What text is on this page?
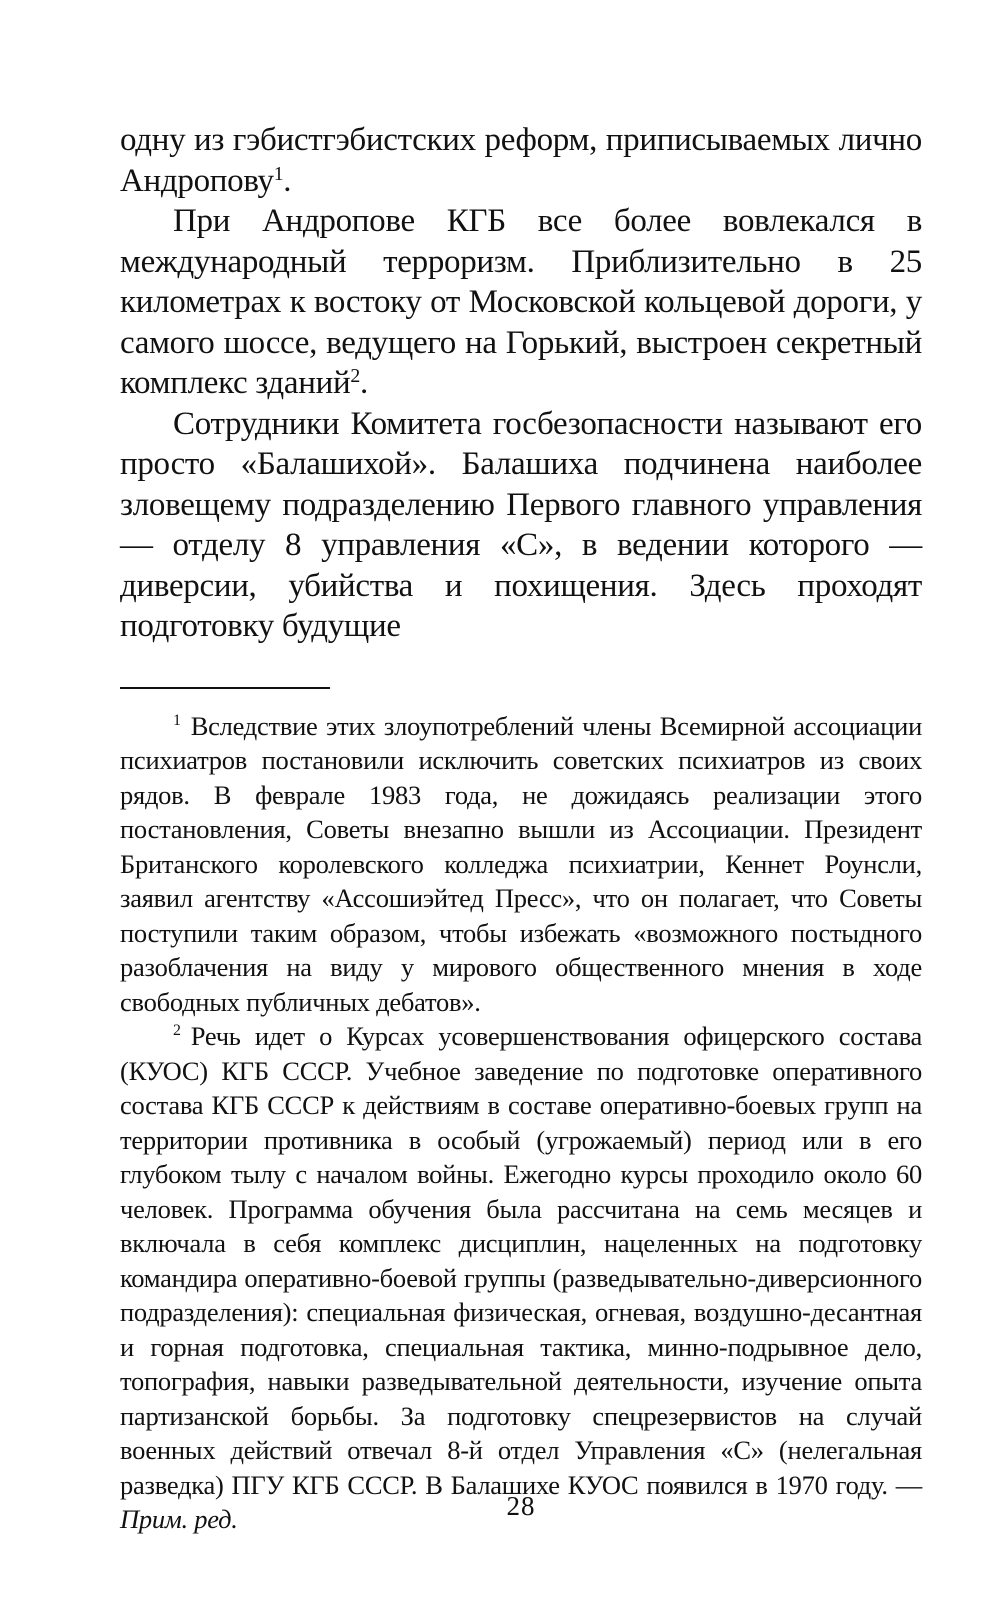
одну из гэбистгэбистских реформ, приписываемых лично Андропову$^1$.

При Андропове КГБ все более вовлекался в международный терроризм. Приблизительно в 25 километрах к востоку от Московской кольцевой дороги, у самого шоссе, ведущего на Горький, выстроен секретный комплекс зданий$^2$.

Сотрудники Комитета госбезопасности называют его просто «Балашихой». Балашиха подчинена наиболее зловещему подразделению Первого главного управления — отделу 8 управления «С», в ведении которого — диверсии, убийства и похищения. Здесь проходят подготовку будущие

1 Вследствие этих злоупотреблений члены Всемирной ассоциации психиатров постановили исключить советских психиатров из своих рядов. В феврале 1983 года, не дожидаясь реализации этого постановления, Советы внезапно вышли из Ассоциации. Президент Британского королевского колледжа психиатрии, Кеннет Роунсли, заявил агентству «Ассошиэйтед Пресс», что он полагает, что Советы поступили таким образом, чтобы избежать «возможного постыдного разоблачения на виду у мирового общественного мнения в ходе свободных публичных дебатов».

2 Речь идет о Курсах усовершенствования офицерского состава (КУОС) КГБ СССР. Учебное заведение по подготовке оперативного состава КГБ СССР к действиям в составе оперативно-боевых групп на территории противника в особый (угрожаемый) период или в его глубоком тылу с началом войны. Ежегодно курсы проходило около 60 человек. Программа обучения была рассчитана на семь месяцев и включала в себя комплекс дисциплин, нацеленных на подготовку командира оперативно-боевой группы (разведывательно-диверсионного подразделения): специальная физическая, огневая, воздушно-десантная и горная подготовка, специальная тактика, минно-подрывное дело, топография, навыки разведывательной деятельности, изучение опыта партизанской борьбы. За подготовку спецрезервистов на случай военных действий отвечал 8-й отдел Управления «С» (нелегальная разведка) ПГУ КГБ СССР. В Балашихе КУОС появился в 1970 году. — Прим. ред.	28
